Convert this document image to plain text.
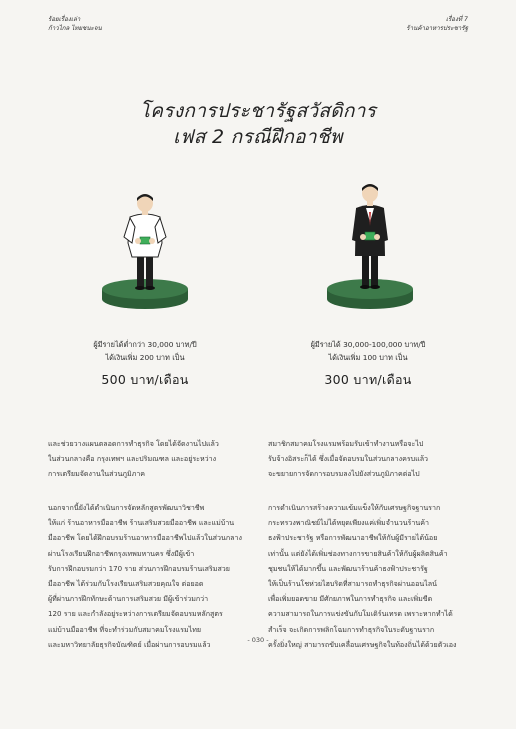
ร้อยเรื่องเล่า
ก้าวไกล ไทยชนะจน
เรื่องที่ 7
ร้านค้าอาหารประชารัฐ
โครงการประชารัฐสวัสดิการ
เฟส 2 กรณีฝึกอาชีพ
ผู้มีรายได้ต่ำกว่า 30,000 บาท/ปี
ได้เงินเพิ่ม 200 บาท เป็น
500 บาท/เดือน
ผู้มีรายได้ 30,000-100,000 บาท/ปี
ได้เงินเพิ่ม 100 บาท เป็น
300 บาท/เดือน
และช่วยวางแผนตลอดการทำธุรกิจ โดยได้จัดงานไปแล้ว
ในส่วนกลางคือ กรุงเทพฯ และปริมณฑล และอยู่ระหว่าง
การเตรียมจัดงานในส่วนภูมิภาค
นอกจากนี้ยังได้ดำเนินการจัดหลักสูตรพัฒนาวิชาชีพ
ให้แก่ ร้านอาหารมืออาชีพ ร้านเสริมสวยมืออาชีพ และแม่บ้าน
มืออาชีพ โดยได้ฝึกอบรมร้านอาหารมืออาชีพไปแล้วในส่วนกลาง
ผ่านโรงเรียนฝึกอาชีพกรุงเทพมหานคร ซึ่งมีผู้เข้า
รับการฝึกอบรมกว่า 170 ราย ส่วนการฝึกอบรมร้านเสริมสวย
มืออาชีพ ได้ร่วมกับโรงเรียนเสริมสวยคุณใจ ต่อยอด
ผู้ที่ผ่านการฝึกทักษะด้านการเสริมสวย มีผู้เข้าร่วมกว่า
120 ราย และกำลังอยู่ระหว่างการเตรียมจัดอบรมหลักสูตร
แม่บ้านมืออาชีพ ที่จะทำร่วมกับสมาคมโรงแรมไทย
และมหาวิทยาลัยธุรกิจบัณฑิตย์ เมื่อผ่านการอบรมแล้ว
สมาชิกสมาคมโรงแรมพร้อมรับเข้าทำงานหรือจะไป
รับจ้างอิสระก็ได้ ซึ่งเมื่อจัดอบรมในส่วนกลางครบแล้ว
จะขยายการจัดการอบรมลงไปยังส่วนภูมิภาคต่อไป
การดำเนินการสร้างความเข้มแข็งให้กับเศรษฐกิจฐานราก
กระทรวงพาณิชย์ไม่ได้หยุดเพียงแค่เพิ่มจำนวนร้านค้า
ธงฟ้าประชารัฐ หรือการพัฒนาอาชีพให้กับผู้มีรายได้น้อย
เท่านั้น แต่ยังได้เพิ่มช่องทางการขายสินค้าให้กับผู้ผลิตสินค้า
ชุมชนให้ได้มากขึ้น และพัฒนาร้านค้าธงฟ้าประชารัฐ
ให้เป็นร้านโชห่วยไฮบริดที่สามารถทำธุรกิจผ่านออนไลน์
เพื่อเพิ่มยอดขาย มีศักยภาพในการทำธุรกิจ และเพิ่มขีด
ความสามารถในการแข่งขันกับโมเดิร์นเทรด เพราะหากทำได้
สำเร็จ จะเกิดการพลิกโฉมการทำธุรกิจในระดับฐานราก
ครั้งยิ่งใหญ่ สามารถขับเคลื่อนเศรษฐกิจในท้องถิ่นได้ด้วยตัวเอง
- 030 -
